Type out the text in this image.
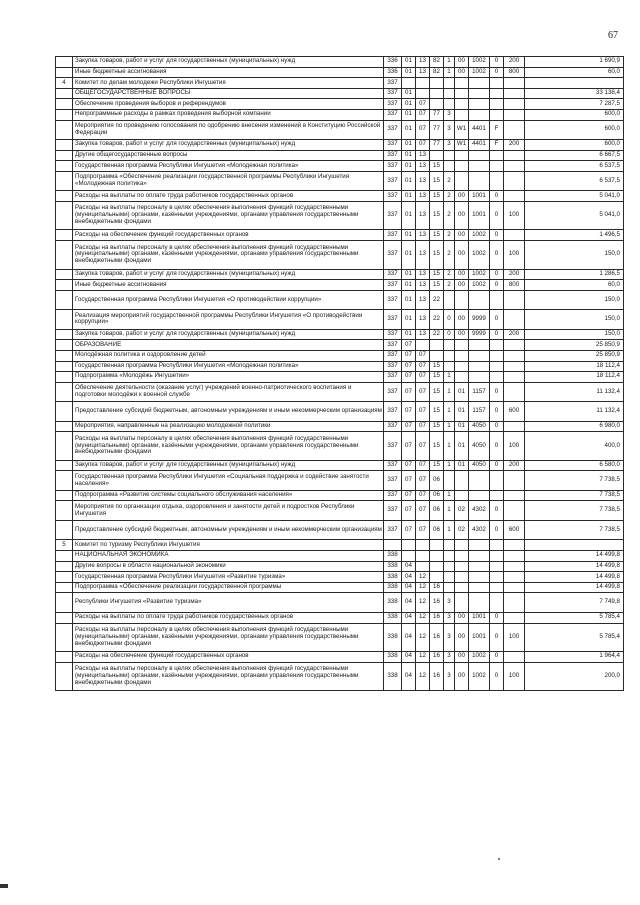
67
	Закупка товаров, работ и услуг для государственных (муниципальных) нужд	336	01	13	82	1	00	1002	0	200	1 690,9
	Иные бюджетные ассигнования	336	01	13	82	1	00	1002	0	800	60,0
4	Комитет по делам молодежи Республики Ингушетия	337									
	ОБЩЕГОСУДАРСТВЕННЫЕ ВОПРОСЫ	337	01								33 138,4
	Обеспечение проведения выборов и референдумов	337	01	07							7 287,5
	Непрограммные расходы в рамках проведения выборной компании	337	01	07	77	3					600,0
	Мероприятия по проведению голосования по одобрению внесения изменений в Конституцию Российской Федерации	337	01	07	77	3	W1	4401	F		600,0
	Закупка товаров, работ и услуг для государственных (муниципальных) нужд	337	01	07	77	3	W1	4401	F	200	600,0
	Другие общегосударственные вопросы	337	01	13							6 667,5
	Государственная программа Республики Ингушетия «Молодежная политика»	337	01	13	15						6 537,5
	Подпрограмма «Обеспечение реализации государственной программы Республики Ингушетия «Молодежная политика»	337	01	13	15	2					6 537,5
	Расходы на выплаты по оплате труда работников государственных органов	337	01	13	15	2	00	1001	0		5 041,0
	Расходы на выплаты персоналу в целях обеспечения выполнения функций государственными (муниципальными) органами, казёнными учреждениями, органами управления государственными внебюджетными фондами	337	01	13	15	2	00	1001	0	100	5 041,0
	Расходы на обеспечение функций государственных органов	337	01	13	15	2	00	1002	0		1 496,5
	Расходы на выплаты персоналу в целях обеспечения выполнения функций государственными (муниципальными) органами, казёнными учреждениями, органами управления государственными внебюджетными фондами	337	01	13	15	2	00	1002	0	100	150,0
	Закупка товаров, работ и услуг для государственных (муниципальных) нужд	337	01	13	15	2	00	1002	0	200	1 286,5
	Иные бюджетные ассигнования	337	01	13	15	2	00	1002	0	800	60,0
	Государственная программа Республики Ингушетия «О противодействии коррупции»	337	01	13	22						150,0
	Реализация мероприятий государственной программы Республики Ингушетия «О противодействии коррупции»	337	01	13	22	0	00	9999	0		150,0
	Закупка товаров, работ и услуг для государственных (муниципальных) нужд	337	01	13	22	0	00	9999	0	200	150,0
	ОБРАЗОВАНИЕ	337	07								25 850,9
	Молодёжная политика и оздоровление детей	337	07	07							25 850,9
	Государственная программа Республики Ингушетия «Молодежная политика»	337	07	07	15						18 112,4
	Подпрограмма «Молодёжь Ингушетии»	337	07	07	15	1					18 112,4
	Обеспечение деятельности (оказание услуг) учреждений военно-патриотического воспитания и подготовки молодёжи к военной службе	337	07	07	15	1	01	1157	0		11 132,4
	Предоставление субсидий бюджетным, автономным учреждениям и иным некоммерческим организациям	337	07	07	15	1	01	1157	0	600	11 132,4
	Мероприятия, направленные на реализацию молодежной политики	337	07	07	15	1	01	4050	0		6 980,0
	Расходы на выплаты персоналу в целях обеспечения выполнения функций государственными (муниципальными) органами, казёнными учреждениями, органами управления государственными внебюджетными фондами	337	07	07	15	1	01	4050	0	100	400,0
	Закупка товаров, работ и услуг для государственных (муниципальных) нужд	337	07	07	15	1	01	4050	0	200	6 580,0
	Государственная программа Республики Ингушетия «Социальная поддержка и содействие занятости населения»	337	07	07	06						7 738,5
	Подпрограмма «Развитие системы социального обслуживания населения»	337	07	07	06	1					7 738,5
	Мероприятия по организации отдыха, оздоровления и занятости детей и подростков Республики Ингушетия	337	07	07	06	1	02	4302	0		7 738,5
	Предоставление субсидий бюджетным, автономным учреждениям и иным некоммерческим организациям	337	07	07	06	1	02	4302	0	600	7 738,5
5	Комитет по туризму Республики Ингушетия										
	НАЦИОНАЛЬНАЯ ЭКОНОМИКА	338									14 499,8
	Другие вопросы в области национальной экономики	338	04								14 499,8
	Государственная программа Республики Ингушетия «Развитие туризма»	338	04	12							14 499,8
	Подпрограмма «Обеспечение реализации государственной программы	338	04	12	16						14 499,8
	Республики Ингушетия «Развитие туризма»	338	04	12	16	3					7 749,8
	Расходы на выплаты по оплате труда работников государственных органов	338	04	12	16	3	00	1001	0		5 785,4
	Расходы на выплаты персоналу в целях обеспечения выполнения функций государственными (муниципальными) органами, казёнными учреждениями, органами управления государственными внебюджетными фондами	338	04	12	16	3	00	1001	0	100	5 785,4
	Расходы на обеспечение функций государственных органов	338	04	12	16	3	00	1002	0		1 964,4
	Расходы на выплаты персоналу в целях обеспечения выполнения функций государственными (муниципальными) органами, казёнными учреждениями, органами управления государственными внебюджетными фондами	338	04	12	16	3	00	1002	0	100	200,0
